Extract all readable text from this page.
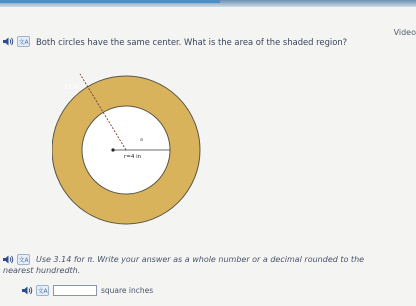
Video
文A Both circles have the same center. What is the area of the shaded region?
12 in
a
r=4 in
文A Use 3.14 for π. Write your answer as a whole number or a decimal rounded to the
nearest hundredth.
文A	square inches
